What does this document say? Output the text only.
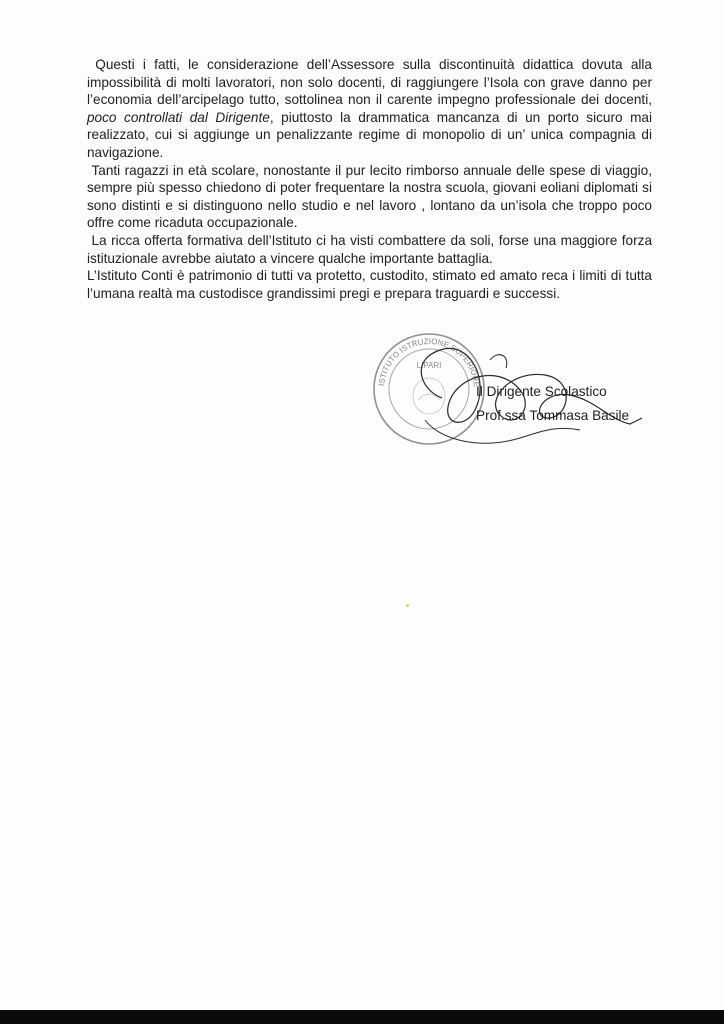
Questi i fatti, le considerazione dell’Assessore sulla discontinuità didattica dovuta alla impossibilità di molti lavoratori, non solo docenti, di raggiungere l’Isola con grave danno per l’economia dell’arcipelago tutto, sottolinea non il carente impegno professionale dei docenti, poco controllati dal Dirigente, piuttosto la drammatica mancanza di un porto sicuro mai realizzato, cui si aggiunge un penalizzante regime di monopolio di un’ unica compagnia di navigazione.

Tanti ragazzi in età scolare, nonostante il pur lecito rimborso annuale delle spese di viaggio, sempre più spesso chiedono di poter frequentare la nostra scuola, giovani eoliani diplomati si sono distinti e si distinguono nello studio e nel lavoro , lontano da un’isola che troppo poco offre come ricaduta occupazionale.

La ricca offerta formativa dell’Istituto ci ha visti combattere da soli, forse una maggiore forza istituzionale avrebbe aiutato a vincere qualche importante battaglia.

L’Istituto Conti è patrimonio di tutti va protetto, custodito, stimato ed amato reca i limiti di tutta l’umana realtà ma custodisce grandissimi pregi e prepara traguardi e successi.

ISTITUTO ISTRUZIONE SUPERIORE
LIPARI
Il Dirigente Scolastico
Prof.ssa Tommasa Basile
